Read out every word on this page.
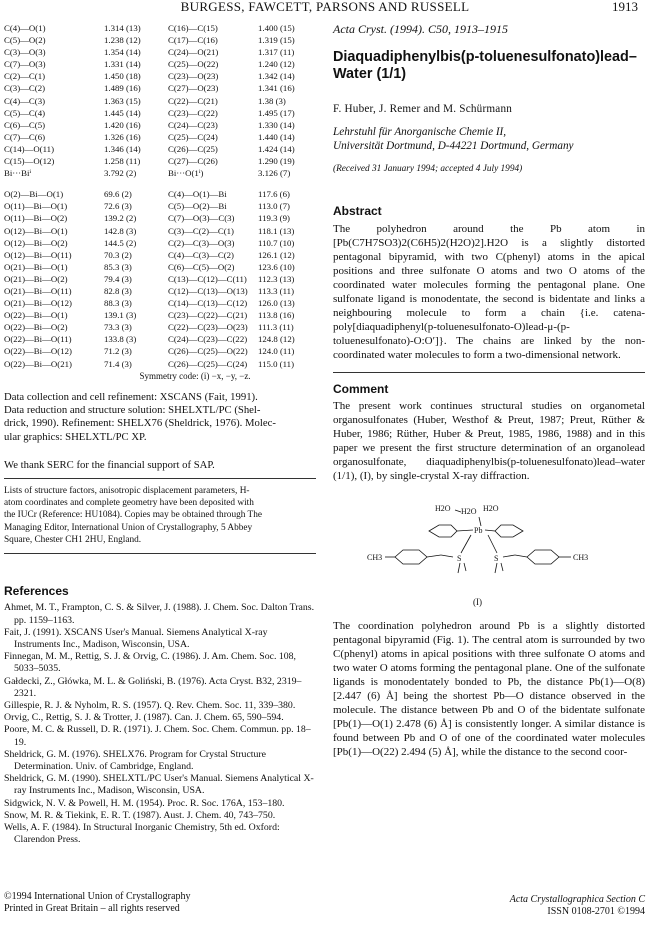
BURGESS, FAWCETT, PARSONS AND RUSSELL	1913
C(4)—O(1)	1.314 (13)	C(16)—C(15)	1.400 (15)
C(5)—O(2)	1.238 (12)	C(17)—C(16)	1.319 (15)
C(3)—O(3)	1.354 (14)	C(24)—O(21)	1.317 (11)
C(7)—O(3)	1.331 (14)	C(25)—O(22)	1.240 (12)
C(2)—C(1)	1.450 (18)	C(23)—O(23)	1.342 (14)
C(3)—C(2)	1.489 (16)	C(27)—O(23)	1.341 (16)
C(4)—C(3)	1.363 (15)	C(22)—C(21)	1.38 (3)
C(5)—C(4)	1.445 (14)	C(23)—C(22)	1.495 (17)
C(6)—C(5)	1.420 (16)	C(24)—C(23)	1.330 (14)
C(7)—C(6)	1.326 (16)	C(25)—C(24)	1.440 (14)
C(14)—O(11)	1.346 (14)	C(26)—C(25)	1.424 (14)
C(15)—O(12)	1.258 (11)	C(27)—C(26)	1.290 (19)
Bi···Biⁱ	3.792 (2)	Bi···O(1ⁱ)	3.126 (7)
O(2)—Bi—O(1)	69.6 (2)	C(4)—O(1)—Bi	117.6 (6)
O(11)—Bi—O(1)	72.6 (3)	C(5)—O(2)—Bi	113.0 (7)
O(11)—Bi—O(2)	139.2 (2)	C(7)—O(3)—C(3)	119.3 (9)
O(12)—Bi—O(1)	142.8 (3)	C(3)—C(2)—C(1)	118.1 (13)
O(12)—Bi—O(2)	144.5 (2)	C(2)—C(3)—O(3)	110.7 (10)
O(12)—Bi—O(11)	70.3 (2)	C(4)—C(3)—C(2)	126.1 (12)
O(21)—Bi—O(1)	85.3 (3)	C(6)—C(5)—O(2)	123.6 (10)
O(21)—Bi—O(2)	79.4 (3)	C(13)—C(12)—C(11)	112.3 (13)
O(21)—Bi—O(11)	82.8 (3)	C(12)—C(13)—O(13)	113.3 (11)
O(21)—Bi—O(12)	88.3 (3)	C(14)—C(13)—C(12)	126.0 (13)
O(22)—Bi—O(1)	139.1 (3)	C(23)—C(22)—C(21)	113.8 (16)
O(22)—Bi—O(2)	73.3 (3)	C(22)—C(23)—O(23)	111.3 (11)
O(22)—Bi—O(11)	133.8 (3)	C(24)—C(23)—C(22)	124.8 (12)
O(22)—Bi—O(12)	71.2 (3)	C(26)—C(25)—O(22)	124.0 (11)
O(22)—Bi—O(21)	71.4 (3)	C(26)—C(25)—C(24)	115.0 (11)
Symmetry code: (i) −x, −y, −z.

Data collection and cell refinement: XSCANS (Fait, 1991).

Data reduction and structure solution: SHELXTL/PC (Shel-

drick, 1990). Refinement: SHELX76 (Sheldrick, 1976). Molec-

ular graphics: SHELXTL/PC XP.

We thank SERC for the financial support of SAP.
Lists of structure factors, anisotropic displacement parameters, H-
atom coordinates and complete geometry have been deposited with
the IUCr (Reference: HU1084). Copies may be obtained through The
Managing Editor, International Union of Crystallography, 5 Abbey
Square, Chester CH1 2HU, England.
References
Ahmet, M. T., Frampton, C. S. & Silver, J. (1988). J. Chem. Soc. Dalton Trans. pp. 1159–1163.
Fait, J. (1991). XSCANS User's Manual. Siemens Analytical X-ray Instruments Inc., Madison, Wisconsin, USA.
Finnegan, M. M., Rettig, S. J. & Orvig, C. (1986). J. Am. Chem. Soc. 108, 5033–5035.
Gałdecki, Z., Główka, M. L. & Goliński, B. (1976). Acta Cryst. B32, 2319–2321.
Gillespie, R. J. & Nyholm, R. S. (1957). Q. Rev. Chem. Soc. 11, 339–380.
Orvig, C., Rettig, S. J. & Trotter, J. (1987). Can. J. Chem. 65, 590–594.
Poore, M. C. & Russell, D. R. (1971). J. Chem. Soc. Chem. Commun. pp. 18–19.
Sheldrick, G. M. (1976). SHELX76. Program for Crystal Structure Determination. Univ. of Cambridge, England.
Sheldrick, G. M. (1990). SHELXTL/PC User's Manual. Siemens Analytical X-ray Instruments Inc., Madison, Wisconsin, USA.
Sidgwick, N. V. & Powell, H. M. (1954). Proc. R. Soc. 176A, 153–180.
Snow, M. R. & Tiekink, E. R. T. (1987). Aust. J. Chem. 40, 743–750.
Wells, A. F. (1984). In Structural Inorganic Chemistry, 5th ed. Oxford: Clarendon Press.
©1994 International Union of Crystallography
Printed in Great Britain – all rights reserved
Acta Cryst. (1994). C50, 1913–1915
Diaquadiphenylbis(p-toluenesulfonato)lead–Water (1/1)
F. Huber, J. Remer and M. Schürmann
Lehrstuhl für Anorganische Chemie II,
Universität Dortmund, D-44221 Dortmund, Germany
(Received 31 January 1994; accepted 4 July 1994)
Abstract
The polyhedron around the Pb atom in [Pb(C7H7SO3)2(C6H5)2(H2O)2].H2O is a slightly distorted pentagonal bipyramid, with two C(phenyl) atoms in the apical positions and three sulfonate O atoms and two O atoms of the coordinated water molecules forming the pentagonal plane. One sulfonate ligand is monodentate, the second is bidentate and links a neighbouring molecule to form a chain {i.e. catena-poly[diaquadiphenyl(p-toluenesulfonato-O)lead-μ-(p-toluenesulfonato)-O:O′]}. The chains are linked by the non-coordinated water molecules to form a two-dimensional network.
Comment
The present work continues structural studies on organometal organosulfonates (Huber, Westhof & Preut, 1987; Preut, Rüther & Huber, 1986; Rüther, Huber & Preut, 1985, 1986, 1988) and in this paper we present the first structure determination of an organolead organosulfonate, diaquadiphenylbis(p-toluenesulfonato)lead–water (1/1), (I), by single-crystal X-ray diffraction.
H2O H2O H2O
Pb
S	S
CH3	CH3
(I)
The coordination polyhedron around Pb is a slightly distorted pentagonal bipyramid (Fig. 1). The central atom is surrounded by two C(phenyl) atoms in apical positions with three sulfonate O atoms and two water O atoms forming the pentagonal plane. One of the sulfonate ligands is monodentately bonded to Pb, the distance Pb(1)—O(8) [2.447 (6) Å] being the shortest Pb—O distance observed in the molecule. The distance between Pb and O of the bidentate sulfonate [Pb(1)—O(1) 2.478 (6) Å] is consistently longer. A similar distance is found between Pb and O of one of the coordinated water molecules [Pb(1)—O(22) 2.494 (5) Å], while the distance to the second coor-
Acta Crystallographica Section C
ISSN 0108-2701 ©1994
